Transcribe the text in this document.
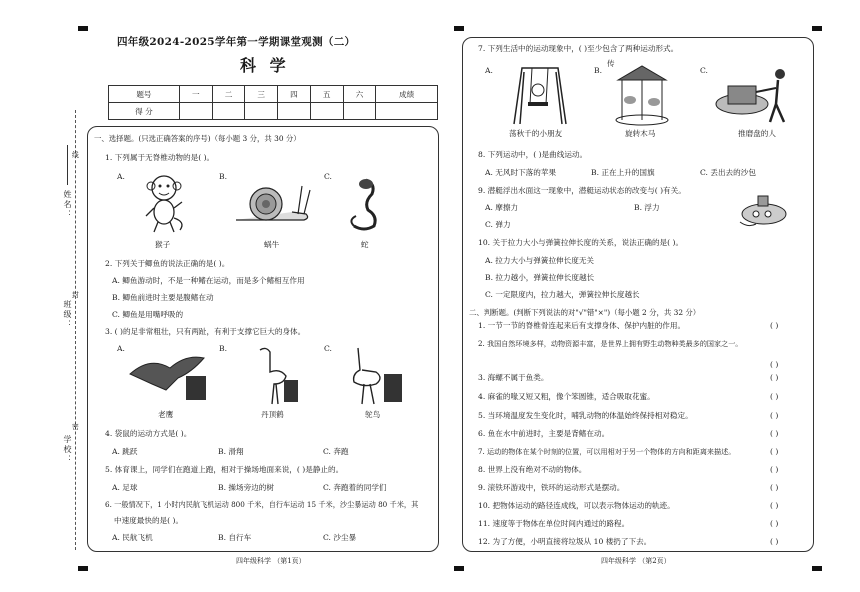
姓名：
班级：
学校：
线
封
密
四年级2024-2025学年第一学期课堂观测（二）
科 学
题号	一	二	三	四	五	六	成绩
得 分							
一、选择题。(只选正确答案的序号)（每小题 3 分，共 30 分）
1. 下列属于无脊椎动物的是( )。
A.	B.	C.
猴子	蜗牛	蛇
2. 下列关于鲫鱼的说法正确的是( )。
A. 鲫鱼游动时，不是一种鳍在运动，而是多个鳍相互作用
B. 鲫鱼前进时主要是腹鳍在动
C. 鲫鱼是用嘴呼吸的
3. ( )的足非常粗壮，只有两趾，有利于支撑它巨大的身体。
A.	B.	C.
老鹰	丹顶鹤	鸵鸟
4. 袋鼠的运动方式是( )。
A. 跳跃	B. 滑翔	C. 奔跑
5. 体育课上，同学们在跑道上跑，相对于操场地面来说，( )是静止的。
A. 足球	B. 操场旁边的树	C. 奔跑着的同学们
6. 一般情况下，1 小时内民航飞机运动 800 千米，自行车运动 15 千米，沙尘暴运动 80 千米，其
中速度最快的是( )。
A. 民航飞机	B. 自行车	C. 沙尘暴
四年级科学 （第1页）
7. 下列生活中的运动现象中，( )至少包含了两种运动形式。
传
A.	B.	C.
荡秋千的小朋友	旋转木马	推磨盘的人
8. 下列运动中，( )是曲线运动。
A. 无风时下落的苹果	B. 正在上升的国旗	C. 丢出去的沙包
9. 潜艇浮出水面这一现象中，潜艇运动状态的改变与( )有关。
A. 摩擦力	B. 浮力
C. 弹力
10. 关于拉力大小与弹簧拉伸长度的关系，说法正确的是( )。
A. 拉力大小与弹簧拉伸长度无关
B. 拉力越小，弹簧拉伸长度越长
C. 一定限度内，拉力越大，弹簧拉伸长度越长
二、判断题。(判断下列说法的对"√"错"×")（每小题 2 分，共 32 分）
1. 一节一节的脊椎骨连起来后有支撑身体、保护内脏的作用。	( )
2. 我国自然环境多样，动物资源丰富，是世界上拥有野生动物种类最多的国家之一。
( )
3. 海螺不属于鱼类。	( )
4. 麻雀的喙又短又粗，像个笨圆锥，适合吸取花蜜。	( )
5. 当环境温度发生变化时，哺乳动物的体温始终保持相对稳定。	( )
6. 鱼在水中前进时，主要是背鳍在动。	( )
7. 运动的物体在某个时刻的位置，可以用相对于另一个物体的方向和距离来描述。	( )
8. 世界上没有绝对不动的物体。	( )
9. 滚铁环游戏中，铁环的运动形式是摆动。	( )
10. 把物体运动的路径连成线，可以表示物体运动的轨迹。	( )
11. 速度等于物体在单位时间内通过的路程。	( )
12. 为了方便，小明直接将垃圾从 10 楼扔了下去。	( )
四年级科学 （第2页）
